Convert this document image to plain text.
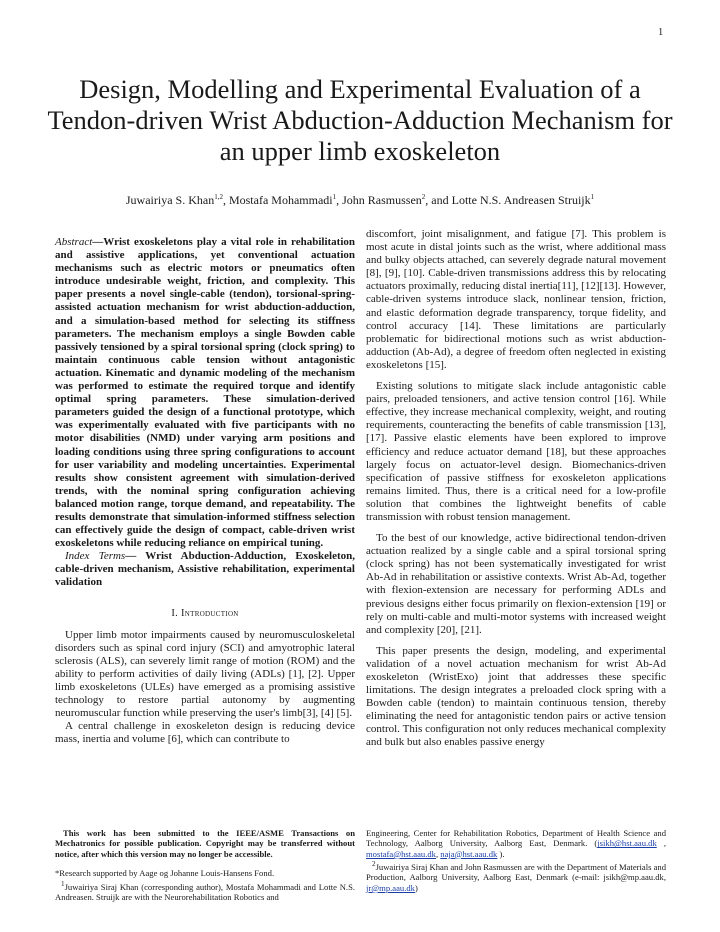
1
Design, Modelling and Experimental Evaluation of a Tendon-driven Wrist Abduction-Adduction Mechanism for an upper limb exoskeleton
Juwairiya S. Khan$^{1,2}$, Mostafa Mohammadi$^1$, John Rasmussen$^2$, and Lotte N.S. Andreasen Struijk$^1$

Abstract—Wrist exoskeletons play a vital role in rehabilitation and assistive applications, yet conventional actuation mechanisms such as electric motors or pneumatics often introduce undesirable weight, friction, and complexity. This paper presents a novel single-cable (tendon), torsional-spring-assisted actuation mechanism for wrist abduction-adduction, and a simulation-based method for selecting its stiffness parameters. The mechanism employs a single Bowden cable passively tensioned by a spiral torsional spring (clock spring) to maintain continuous cable tension without antagonistic actuation. Kinematic and dynamic modeling of the mechanism was performed to estimate the required torque and identify optimal spring parameters. These simulation-derived parameters guided the design of a functional prototype, which was experimentally evaluated with five participants with no motor disabilities (NMD) under varying arm positions and loading conditions using three spring configurations to account for user variability and modeling uncertainties. Experimental results show consistent agreement with simulation-derived trends, with the nominal spring configuration achieving balanced motion range, torque demand, and repeatability. The results demonstrate that simulation-informed stiffness selection can effectively guide the design of compact, cable-driven wrist exoskeletons while reducing reliance on empirical tuning.

Index Terms— Wrist Abduction-Adduction, Exoskeleton, cable-driven mechanism, Assistive rehabilitation, experimental validation

I. Introduction

Upper limb motor impairments caused by neuromusculoskeletal disorders such as spinal cord injury (SCI) and amyotrophic lateral sclerosis (ALS), can severely limit range of motion (ROM) and the ability to perform activities of daily living (ADLs) [1], [2]. Upper limb exoskeletons (ULEs) have emerged as a promising assistive technology to restore partial autonomy by augmenting neuromuscular function while preserving the user's limb[3], [4] [5].

A central challenge in exoskeleton design is reducing device mass, inertia and volume [6], which can contribute to

discomfort, joint misalignment, and fatigue [7]. This problem is most acute in distal joints such as the wrist, where additional mass and bulky objects attached, can severely degrade natural movement [8], [9], [10]. Cable-driven transmissions address this by relocating actuators proximally, reducing distal inertia[11], [12][13]. However, cable-driven systems introduce slack, nonlinear tension, friction, and elastic deformation degrade transparency, torque fidelity, and control accuracy [14]. These limitations are particularly problematic for bidirectional motions such as wrist abduction-adduction (Ab-Ad), a degree of freedom often neglected in existing exoskeletons [15].

Existing solutions to mitigate slack include antagonistic cable pairs, preloaded tensioners, and active tension control [16]. While effective, they increase mechanical complexity, weight, and routing requirements, counteracting the benefits of cable transmission [13], [17]. Passive elastic elements have been explored to improve efficiency and reduce actuator demand [18], but these approaches largely focus on actuator-level design. Biomechanics-driven specification of passive stiffness for exoskeleton applications remains limited. Thus, there is a critical need for a low-profile solution that combines the lightweight benefits of cable transmission with robust tension management.

To the best of our knowledge, active bidirectional tendon-driven actuation realized by a single cable and a spiral torsional spring (clock spring) has not been systematically investigated for wrist Ab-Ad in rehabilitation or assistive contexts. Wrist Ab-Ad, together with flexion-extension are necessary for performing ADLs and previous designs either focus primarily on flexion-extension [19] or rely on multi-cable and multi-motor systems with increased weight and complexity [20], [21].

This paper presents the design, modeling, and experimental validation of a novel actuation mechanism for wrist Ab-Ad exoskeleton (WristExo) joint that addresses these specific limitations. The design integrates a preloaded clock spring with a Bowden cable (tendon) to maintain continuous tension, thereby eliminating the need for antagonistic tendon pairs or active tension control. This configuration not only reduces mechanical complexity and bulk but also enables passive energy

This work has been submitted to the IEEE/ASME Transactions on Mechatronics for possible publication. Copyright may be transferred without notice, after which this version may no longer be accessible.

*Research supported by Aage og Johanne Louis-Hansens Fond.

$^1$Juwairiya Siraj Khan (corresponding author), Mostafa Mohammadi and Lotte N.S. Andreasen. Struijk are with the Neurorehabilitation Robotics and

Engineering, Center for Rehabilitation Robotics, Department of Health Science and Technology, Aalborg University, Aalborg East, Denmark. (jsikh@hst.aau.dk , mostafa@hst.aau.dk, naja@hst.aau.dk ).

$^2$Juwairiya Siraj Khan and John Rasmussen are with the Department of Materials and Production, Aalborg University, Aalborg East, Denmark (e-mail: jsikh@mp.aau.dk, jr@mp.aau.dk)
